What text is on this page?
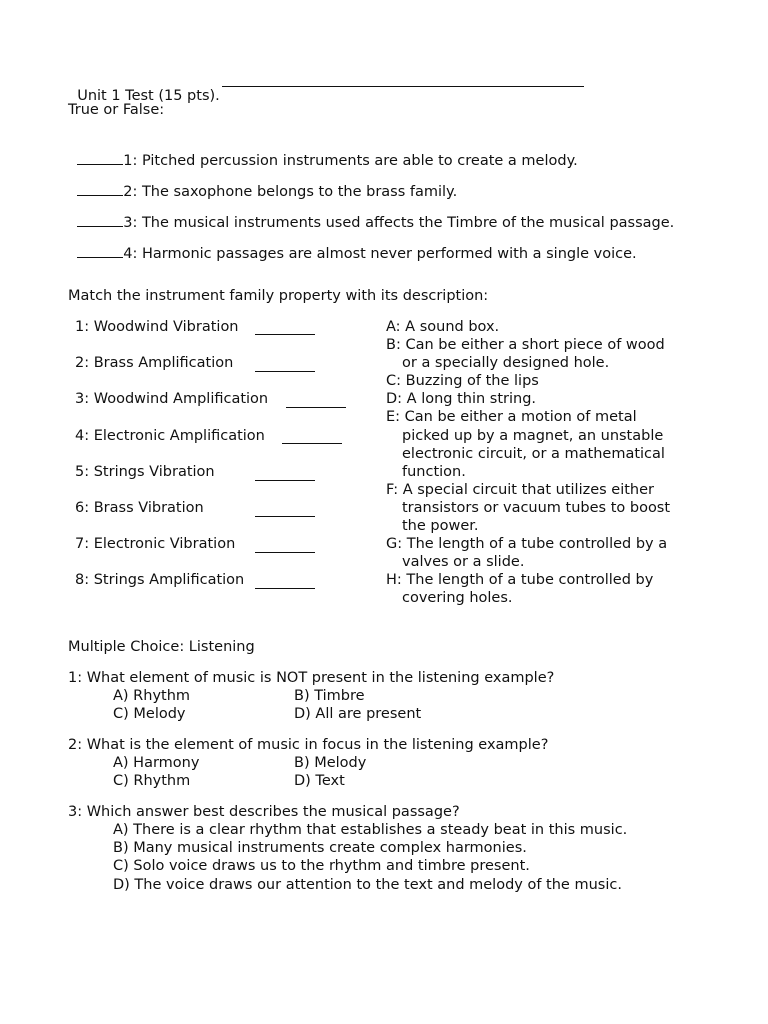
Unit 1 Test (15 pts).

True or False:

1: Pitched percussion instruments are able to create a melody.

2: The saxophone belongs to the brass family.

3: The musical instruments used affects the Timbre of the musical passage.

4: Harmonic passages are almost never performed with a single voice.

Match the instrument family property with its description:
1: Woodwind Vibration
2: Brass Amplification
3: Woodwind Amplification
4: Electronic Amplification
5: Strings Vibration
6: Brass Vibration
7: Electronic Vibration
8: Strings Amplification
A: A sound box.
B: Can be either a short piece of wood
or a specially designed hole.
C: Buzzing of the lips
D: A long thin string.
E: Can be either a motion of metal
picked up by a magnet, an unstable
electronic circuit, or a mathematical
function.
F: A special circuit that utilizes either
transistors or vacuum tubes to boost
the power.
G: The length of a tube controlled by a
valves or a slide.
H: The length of a tube controlled by
covering holes.
Multiple Choice: Listening
1: What element of music is NOT present in the listening example?
A) Rhythm	B) Timbre
C) Melody	D) All are present
2: What is the element of music in focus in the listening example?
A) Harmony	B) Melody
C) Rhythm	D) Text
3: Which answer best describes the musical passage?
A) There is a clear rhythm that establishes a steady beat in this music.
B) Many musical instruments create complex harmonies.
C) Solo voice draws us to the rhythm and timbre present.
D) The voice draws our attention to the text and melody of the music.
